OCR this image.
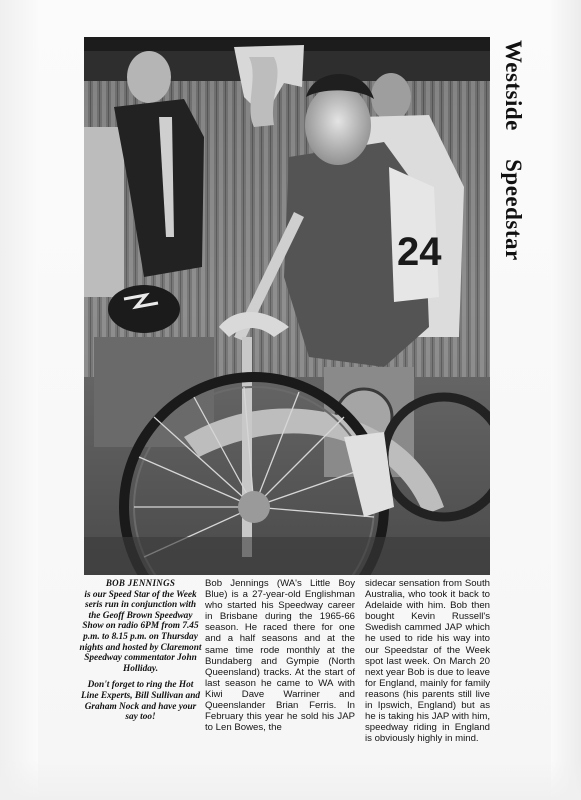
24	Westside Speedstar

BOB JENNINGS
is our Speed Star of the Week seris run in conjunction with the Geoff Brown Speedway Show on radio 6PM from 7.45 p.m. to 8.15 p.m. on Thursday nights and hosted by Claremont Speedway commentator John Holliday.

Don't forget to ring the Hot Line Experts, Bill Sullivan and Graham Nock and have your say too!

Bob Jennings (WA's Little Boy Blue) is a 27-year-old Englishman who started his Speedway career in Brisbane during the 1965-66 season. He raced there for one and a half seasons and at the same time rode monthly at the Bundaberg and Gympie (North Queensland) tracks. At the start of last season he came to WA with Kiwi Dave Warriner and Queenslander Brian Ferris. In February this year he sold his JAP to Len Bowes, the
sidecar sensation from South Australia, who took it back to Adelaide with him. Bob then bought Kevin Russell's Swedish cammed JAP which he used to ride his way into our Speedstar of the Week spot last week. On March 20 next year Bob is due to leave for England, mainly for family reasons (his parents still live in Ipswich, England) but as he is taking his JAP with him, speedway riding in England is obviously highly in mind.
